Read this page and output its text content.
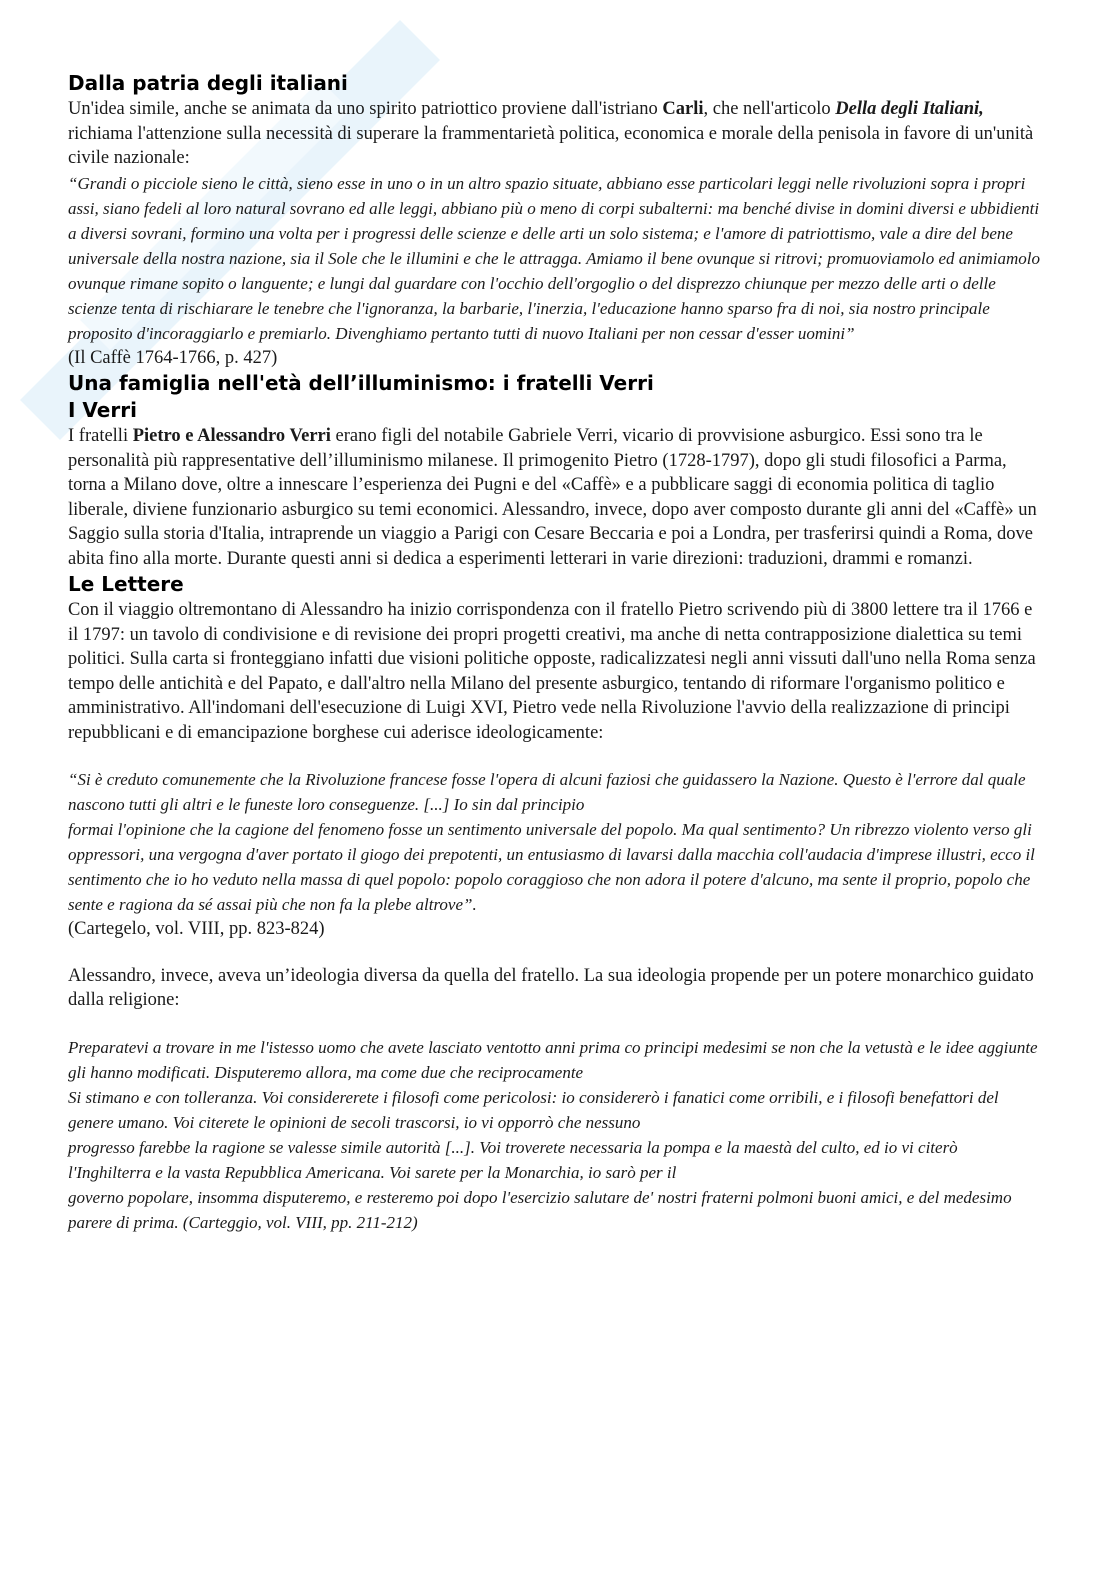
Dalla patria degli italiani

Un'idea simile, anche se animata da uno spirito patriottico proviene dall'istriano Carli, che nell'articolo Della degli Italiani, richiama l'attenzione sulla necessità di superare la frammentarietà politica, economica e morale della penisola in favore di un'unità civile nazionale:

“Grandi o picciole sieno le città, sieno esse in uno o in un altro spazio situate, abbiano esse particolari leggi nelle rivoluzioni sopra i propri assi, siano fedeli al loro natural sovrano ed alle leggi, abbiano più o meno di corpi subalterni: ma benché divise in domini diversi e ubbidienti a diversi sovrani, formino una volta per i progressi delle scienze e delle arti un solo sistema; e l'amore di patriottismo, vale a dire del bene universale della nostra nazione, sia il Sole che le illumini e che le attragga. Amiamo il bene ovunque si ritrovi; promuoviamolo ed animiamolo ovunque rimane sopito o languente; e lungi dal guardare con l'occhio dell'orgoglio o del disprezzo chiunque per mezzo delle arti o delle scienze tenta di rischiarare le tenebre che l'ignoranza, la barbarie, l'inerzia, l'educazione hanno sparso fra di noi, sia nostro principale proposito d'incoraggiarlo e premiarlo. Divenghiamo pertanto tutti di nuovo Italiani per non cessar d'esser uomini”

(Il Caffè 1764-1766, p. 427)

Una famiglia nell'età dell’illuminismo: i fratelli Verri
I Verri

I fratelli Pietro e Alessandro Verri erano figli del notabile Gabriele Verri, vicario di provvisione asburgico. Essi sono tra le personalità più rappresentative dell’illuminismo milanese. Il primogenito Pietro (1728-1797), dopo gli studi filosofici a Parma, torna a Milano dove, oltre a innescare l’esperienza dei Pugni e del «Caffè» e a pubblicare saggi di economia politica di taglio liberale, diviene funzionario asburgico su temi economici. Alessandro, invece, dopo aver composto durante gli anni del «Caffè» un Saggio sulla storia d'Italia, intraprende un viaggio a Parigi con Cesare Beccaria e poi a Londra, per trasferirsi quindi a Roma, dove abita fino alla morte. Durante questi anni si dedica a esperimenti letterari in varie direzioni: traduzioni, drammi e romanzi.

Le Lettere

Con il viaggio oltremontano di Alessandro ha inizio corrispondenza con il fratello Pietro scrivendo più di 3800 lettere tra il 1766 e il 1797: un tavolo di condivisione e di revisione dei propri progetti creativi, ma anche di netta contrapposizione dialettica su temi politici. Sulla carta si fronteggiano infatti due visioni politiche opposte, radicalizzatesi negli anni vissuti dall'uno nella Roma senza tempo delle antichità e del Papato, e dall'altro nella Milano del presente asburgico, tentando di riformare l'organismo politico e amministrativo. All'indomani dell'esecuzione di Luigi XVI, Pietro vede nella Rivoluzione l'avvio della realizzazione di principi repubblicani e di emancipazione borghese cui aderisce ideologicamente:

“Si è creduto comunemente che la Rivoluzione francese fosse l'opera di alcuni faziosi che guidassero la Nazione. Questo è l'errore dal quale nascono tutti gli altri e le funeste loro conseguenze. [...] Io sin dal principio

formai l'opinione che la cagione del fenomeno fosse un sentimento universale del popolo. Ma qual sentimento? Un ribrezzo violento verso gli oppressori, una vergogna d'aver portato il giogo dei prepotenti, un entusiasmo di lavarsi dalla macchia coll'audacia d'imprese illustri, ecco il sentimento che io ho veduto nella massa di quel popolo: popolo coraggioso che non adora il potere d'alcuno, ma sente il proprio, popolo che sente e ragiona da sé assai più che non fa la plebe altrove”.

(Cartegelo, vol. VIII, pp. 823-824)

Alessandro, invece, aveva un’ideologia diversa da quella del fratello. La sua ideologia propende per un potere monarchico guidato dalla religione:

Preparatevi a trovare in me l'istesso uomo che avete lasciato ventotto anni prima co principi medesimi se non che la vetustà e le idee aggiunte gli hanno modificati. Disputeremo allora, ma come due che reciprocamente

Si stimano e con tolleranza. Voi considererete i filosofi come pericolosi: io considererò i fanatici come orribili, e i filosofi benefattori del genere umano. Voi citerete le opinioni de secoli trascorsi, io vi opporrò che nessuno

progresso farebbe la ragione se valesse simile autorità [...]. Voi troverete necessaria la pompa e la maestà del culto, ed io vi citerò l'Inghilterra e la vasta Repubblica Americana. Voi sarete per la Monarchia, io sarò per il

governo popolare, insomma disputeremo, e resteremo poi dopo l'esercizio salutare de' nostri fraterni polmoni buoni amici, e del medesimo parere di prima. (Carteggio, vol. VIII, pp. 211-212)
